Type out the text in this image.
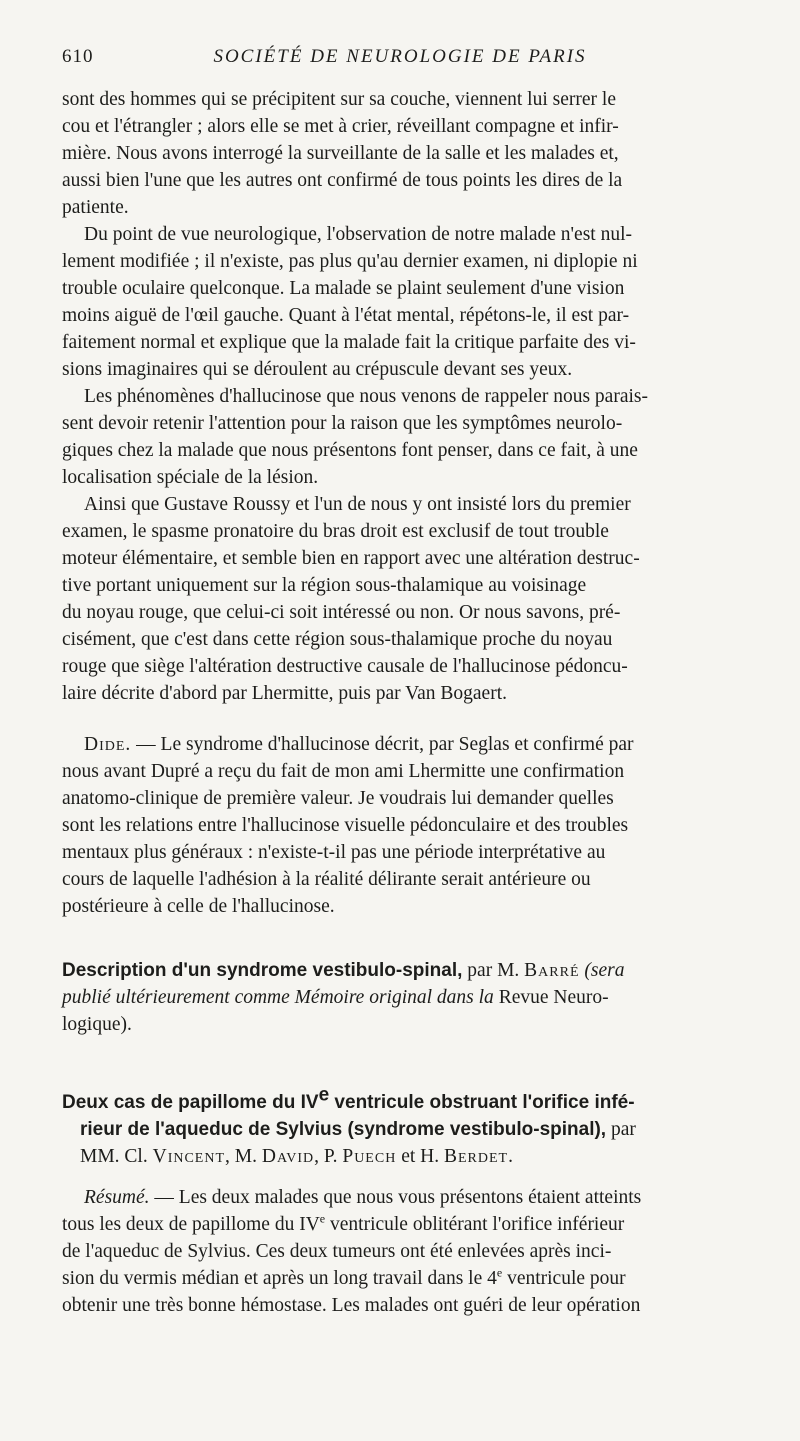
610	SOCIÉTÉ DE NEUROLOGIE DE PARIS
sont des hommes qui se précipitent sur sa couche, viennent lui serrer le
cou et l'étrangler ; alors elle se met à crier, réveillant compagne et infir-
mière. Nous avons interrogé la surveillante de la salle et les malades et,
aussi bien l'une que les autres ont confirmé de tous points les dires de la
patiente.
Du point de vue neurologique, l'observation de notre malade n'est nul-
lement modifiée ; il n'existe, pas plus qu'au dernier examen, ni diplopie ni
trouble oculaire quelconque. La malade se plaint seulement d'une vision
moins aiguë de l'œil gauche. Quant à l'état mental, répétons-le, il est par-
faitement normal et explique que la malade fait la critique parfaite des vi-
sions imaginaires qui se déroulent au crépuscule devant ses yeux.
Les phénomènes d'hallucinose que nous venons de rappeler nous parais-
sent devoir retenir l'attention pour la raison que les symptômes neurolo-
giques chez la malade que nous présentons font penser, dans ce fait, à une
localisation spéciale de la lésion.
Ainsi que Gustave Roussy et l'un de nous y ont insisté lors du premier
examen, le spasme pronatoire du bras droit est exclusif de tout trouble
moteur élémentaire, et semble bien en rapport avec une altération destruc-
tive portant uniquement sur la région sous-thalamique au voisinage
du noyau rouge, que celui-ci soit intéressé ou non. Or nous savons, pré-
cisément, que c'est dans cette région sous-thalamique proche du noyau
rouge que siège l'altération destructive causale de l'hallucinose pédoncu-
laire décrite d'abord par Lhermitte, puis par Van Bogaert.
Dide. — Le syndrome d'hallucinose décrit, par Seglas et confirmé par
nous avant Dupré a reçu du fait de mon ami Lhermitte une confirmation
anatomo-clinique de première valeur. Je voudrais lui demander quelles
sont les relations entre l'hallucinose visuelle pédonculaire et des troubles
mentaux plus généraux : n'existe-t-il pas une période interprétative au
cours de laquelle l'adhésion à la réalité délirante serait antérieure ou
postérieure à celle de l'hallucinose.
Description d'un syndrome vestibulo-spinal, par M. Barré (sera
publié ultérieurement comme Mémoire original dans la Revue Neuro-
logique).
Deux cas de papillome du IVe ventricule obstruant l'orifice infé-
rieur de l'aqueduc de Sylvius (syndrome vestibulo-spinal), par
MM. Cl. Vincent, M. David, P. Puech et H. Berdet.
Résumé. — Les deux malades que nous vous présentons étaient atteints
tous les deux de papillome du IVe ventricule oblitérant l'orifice inférieur
de l'aqueduc de Sylvius. Ces deux tumeurs ont été enlevées après inci-
sion du vermis médian et après un long travail dans le 4e ventricule pour
obtenir une très bonne hémostase. Les malades ont guéri de leur opération
